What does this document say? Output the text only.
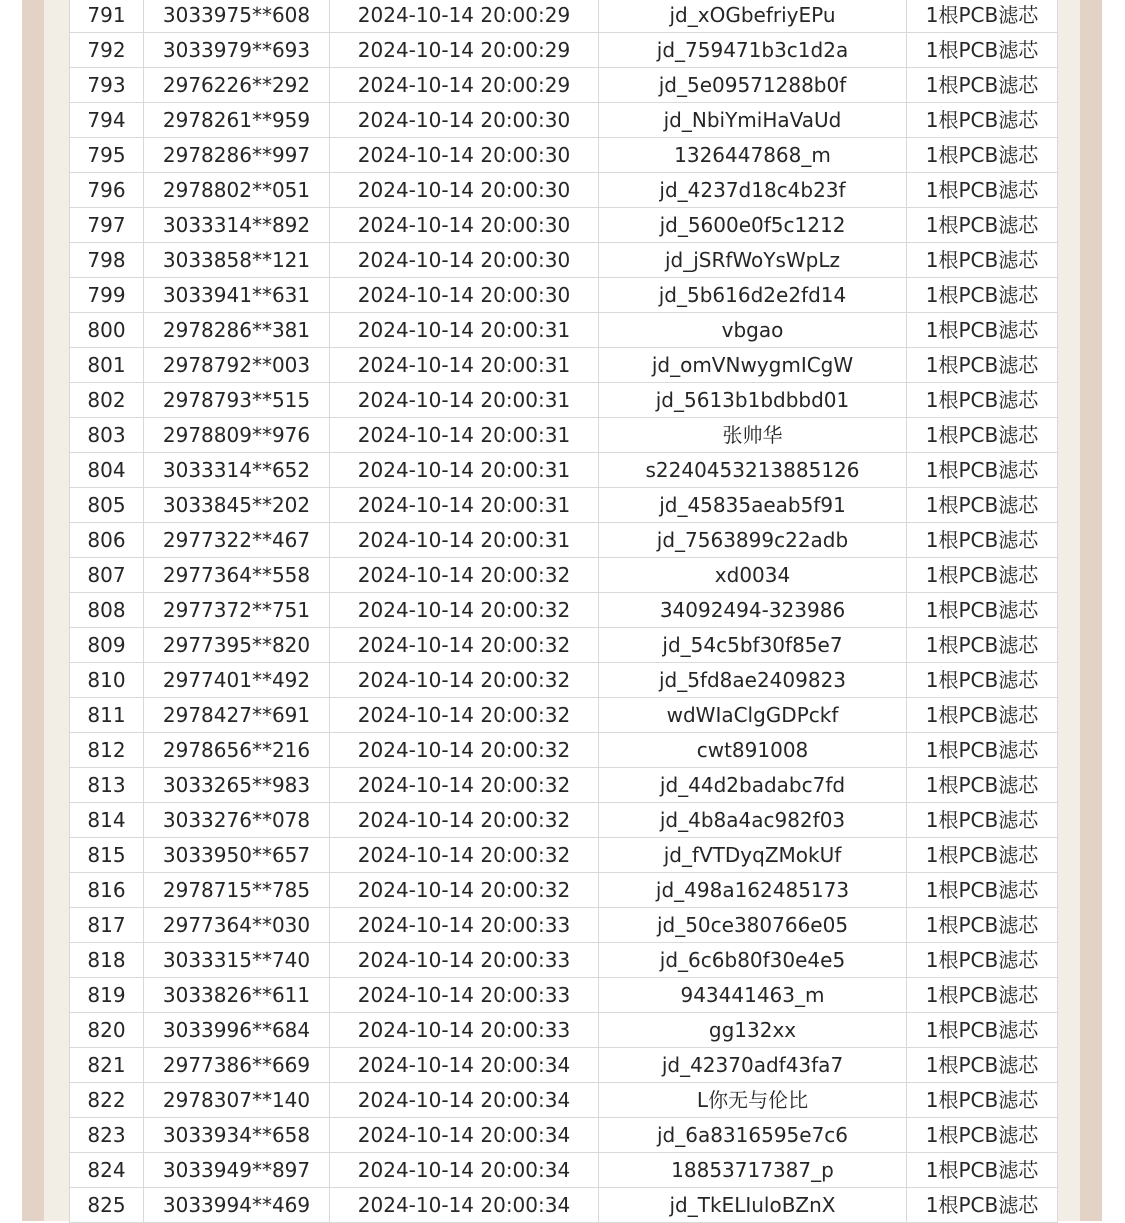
791	3033975**608	2024-10-14 20:00:29	jd_xOGbefriyEPu	1根PCB滤芯
792	3033979**693	2024-10-14 20:00:29	jd_759471b3c1d2a	1根PCB滤芯
793	2976226**292	2024-10-14 20:00:29	jd_5e09571288b0f	1根PCB滤芯
794	2978261**959	2024-10-14 20:00:30	jd_NbiYmiHaVaUd	1根PCB滤芯
795	2978286**997	2024-10-14 20:00:30	1326447868_m	1根PCB滤芯
796	2978802**051	2024-10-14 20:00:30	jd_4237d18c4b23f	1根PCB滤芯
797	3033314**892	2024-10-14 20:00:30	jd_5600e0f5c1212	1根PCB滤芯
798	3033858**121	2024-10-14 20:00:30	jd_jSRfWoYsWpLz	1根PCB滤芯
799	3033941**631	2024-10-14 20:00:30	jd_5b616d2e2fd14	1根PCB滤芯
800	2978286**381	2024-10-14 20:00:31	vbgao	1根PCB滤芯
801	2978792**003	2024-10-14 20:00:31	jd_omVNwygmICgW	1根PCB滤芯
802	2978793**515	2024-10-14 20:00:31	jd_5613b1bdbbd01	1根PCB滤芯
803	2978809**976	2024-10-14 20:00:31	张帅华	1根PCB滤芯
804	3033314**652	2024-10-14 20:00:31	s2240453213885126	1根PCB滤芯
805	3033845**202	2024-10-14 20:00:31	jd_45835aeab5f91	1根PCB滤芯
806	2977322**467	2024-10-14 20:00:31	jd_7563899c22adb	1根PCB滤芯
807	2977364**558	2024-10-14 20:00:32	xd0034	1根PCB滤芯
808	2977372**751	2024-10-14 20:00:32	34092494-323986	1根PCB滤芯
809	2977395**820	2024-10-14 20:00:32	jd_54c5bf30f85e7	1根PCB滤芯
810	2977401**492	2024-10-14 20:00:32	jd_5fd8ae2409823	1根PCB滤芯
811	2978427**691	2024-10-14 20:00:32	wdWIaClgGDPckf	1根PCB滤芯
812	2978656**216	2024-10-14 20:00:32	cwt891008	1根PCB滤芯
813	3033265**983	2024-10-14 20:00:32	jd_44d2badabc7fd	1根PCB滤芯
814	3033276**078	2024-10-14 20:00:32	jd_4b8a4ac982f03	1根PCB滤芯
815	3033950**657	2024-10-14 20:00:32	jd_fVTDyqZMokUf	1根PCB滤芯
816	2978715**785	2024-10-14 20:00:32	jd_498a162485173	1根PCB滤芯
817	2977364**030	2024-10-14 20:00:33	jd_50ce380766e05	1根PCB滤芯
818	3033315**740	2024-10-14 20:00:33	jd_6c6b80f30e4e5	1根PCB滤芯
819	3033826**611	2024-10-14 20:00:33	943441463_m	1根PCB滤芯
820	3033996**684	2024-10-14 20:00:33	gg132xx	1根PCB滤芯
821	2977386**669	2024-10-14 20:00:34	jd_42370adf43fa7	1根PCB滤芯
822	2978307**140	2024-10-14 20:00:34	L你无与伦比	1根PCB滤芯
823	3033934**658	2024-10-14 20:00:34	jd_6a8316595e7c6	1根PCB滤芯
824	3033949**897	2024-10-14 20:00:34	18853717387_p	1根PCB滤芯
825	3033994**469	2024-10-14 20:00:34	jd_TkELIuloBZnX	1根PCB滤芯
